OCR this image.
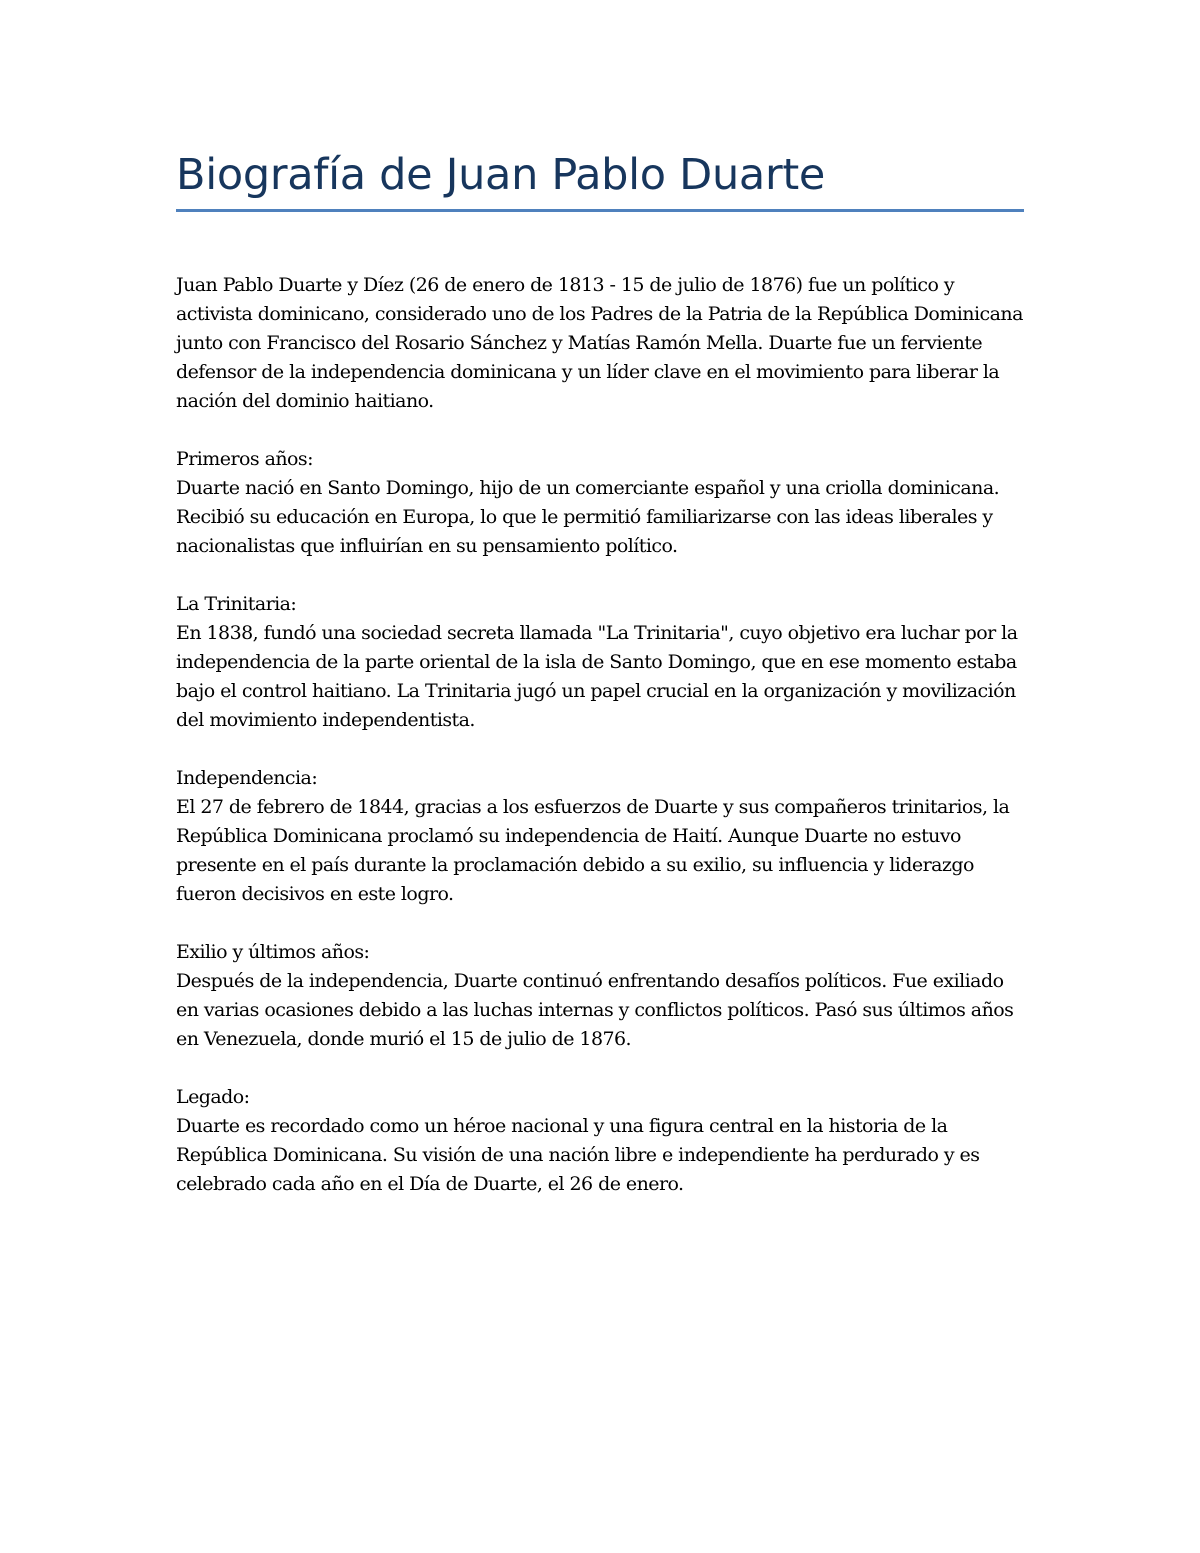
Biografía de Juan Pablo Duarte

Juan Pablo Duarte y Díez (26 de enero de 1813 - 15 de julio de 1876) fue un político y activista dominicano, considerado uno de los Padres de la Patria de la República Dominicana junto con Francisco del Rosario Sánchez y Matías Ramón Mella. Duarte fue un ferviente defensor de la independencia dominicana y un líder clave en el movimiento para liberar la nación del dominio haitiano.

Primeros años:
Duarte nació en Santo Domingo, hijo de un comerciante español y una criolla dominicana. Recibió su educación en Europa, lo que le permitió familiarizarse con las ideas liberales y nacionalistas que influirían en su pensamiento político.
La Trinitaria:
En 1838, fundó una sociedad secreta llamada "La Trinitaria", cuyo objetivo era luchar por la independencia de la parte oriental de la isla de Santo Domingo, que en ese momento estaba bajo el control haitiano. La Trinitaria jugó un papel crucial en la organización y movilización del movimiento independentista.
Independencia:
El 27 de febrero de 1844, gracias a los esfuerzos de Duarte y sus compañeros trinitarios, la República Dominicana proclamó su independencia de Haití. Aunque Duarte no estuvo presente en el país durante la proclamación debido a su exilio, su influencia y liderazgo fueron decisivos en este logro.
Exilio y últimos años:
Después de la independencia, Duarte continuó enfrentando desafíos políticos. Fue exiliado en varias ocasiones debido a las luchas internas y conflictos políticos. Pasó sus últimos años en Venezuela, donde murió el 15 de julio de 1876.
Legado:
Duarte es recordado como un héroe nacional y una figura central en la historia de la República Dominicana. Su visión de una nación libre e independiente ha perdurado y es celebrado cada año en el Día de Duarte, el 26 de enero.
